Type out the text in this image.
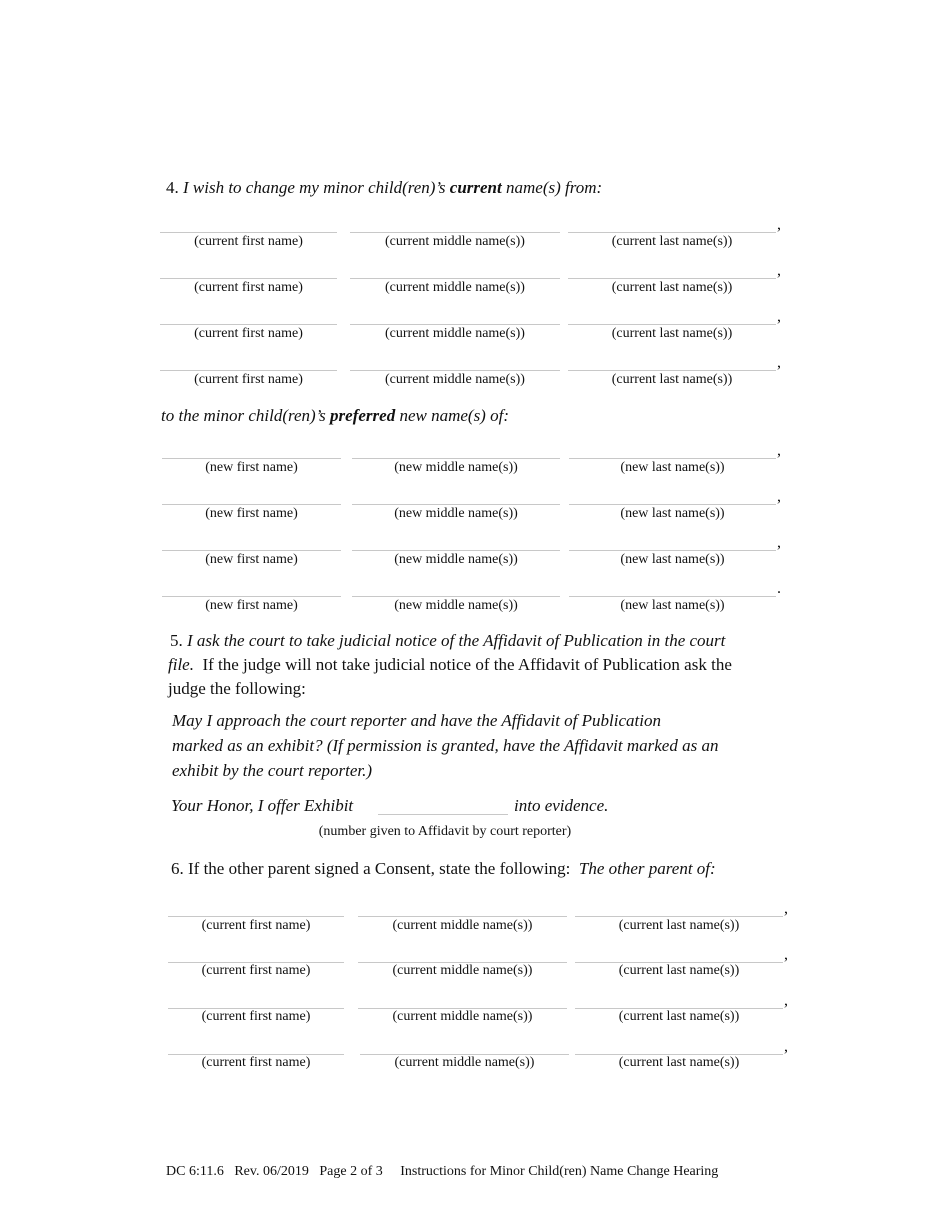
4. I wish to change my minor child(ren)’s current name(s) from:
,
(current first name)	(current middle name(s))	(current last name(s))
,
(current first name)	(current middle name(s))	(current last name(s))
,
(current first name)	(current middle name(s))	(current last name(s))
,
(current first name)	(current middle name(s))	(current last name(s))
to the minor child(ren)’s preferred new name(s) of:
,
(new first name)	(new middle name(s))	(new last name(s))
,
(new first name)	(new middle name(s))	(new last name(s))
,
(new first name)	(new middle name(s))	(new last name(s))
.
(new first name)	(new middle name(s))	(new last name(s))
5. I ask the court to take judicial notice of the Affidavit of Publication in the court
file. If the judge will not take judicial notice of the Affidavit of Publication ask the
judge the following:
May I approach the court reporter and have the Affidavit of Publication
marked as an exhibit? (If permission is granted, have the Affidavit marked as an
exhibit by the court reporter.)
Your Honor, I offer Exhibit	into evidence.
(number given to Affidavit by court reporter)
6. If the other parent signed a Consent, state the following: The other parent of:
,
(current first name)	(current middle name(s))	(current last name(s))
,
(current first name)	(current middle name(s))	(current last name(s))
,
(current first name)	(current middle name(s))	(current last name(s))
,
(current first name)	(current middle name(s))	(current last name(s))
DC 6:11.6 Rev. 06/2019 Page 2 of 3 Instructions for Minor Child(ren) Name Change Hearing
